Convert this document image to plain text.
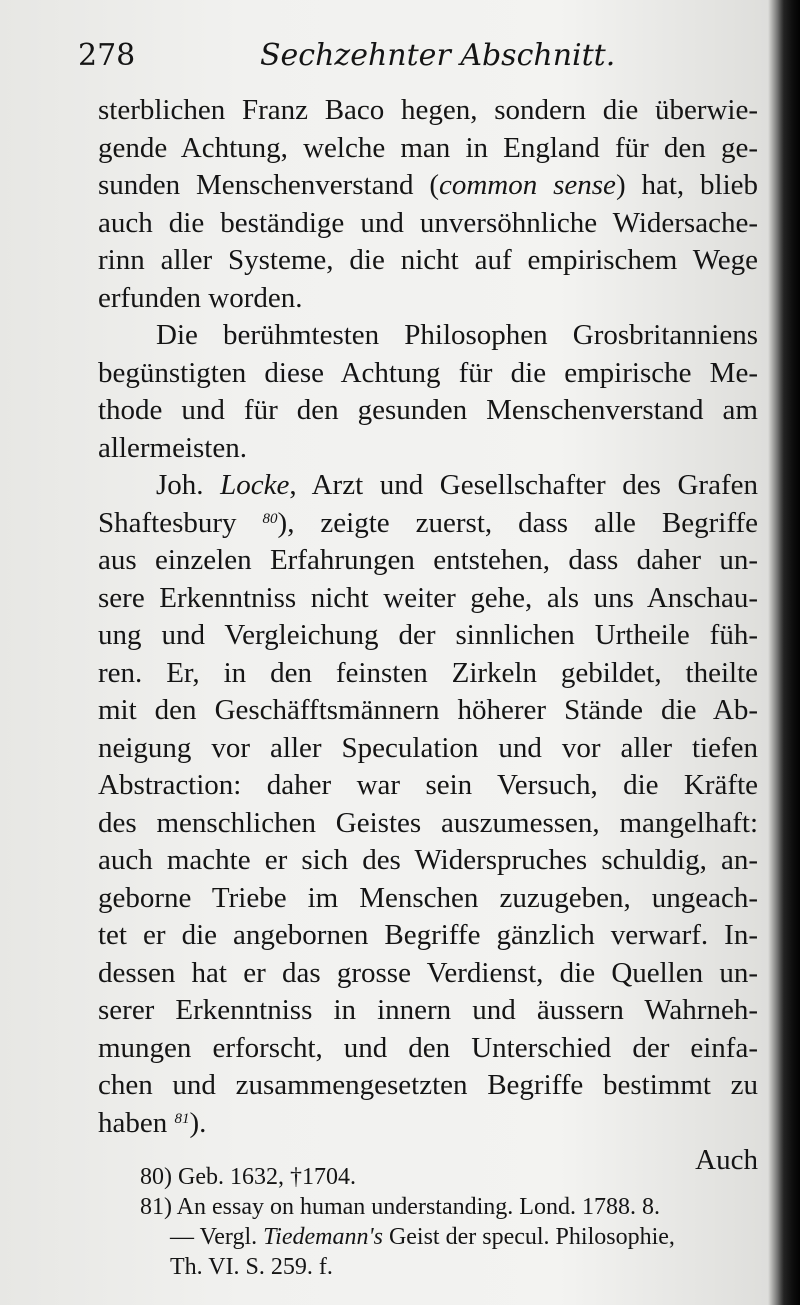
278	Sechzehnter Abschnitt.
sterblichen Franz Baco hegen, sondern die überwie-
gende Achtung, welche man in England für den ge-
sunden Menschenverstand (common sense) hat, blieb
auch die beständige und unversöhnliche Widersache-
rinn aller Systeme, die nicht auf empirischem Wege
erfunden worden.
Die berühmtesten Philosophen Grosbritanniens
begünstigten diese Achtung für die empirische Me-
thode und für den gesunden Menschenverstand am
allermeisten.
Joh. Locke, Arzt und Gesellschafter des Grafen
Shaftesbury $^{80}$), zeigte zuerst, dass alle Begriffe
aus einzelen Erfahrungen entstehen, dass daher un-
sere Erkenntniss nicht weiter gehe, als uns Anschau-
ung und Vergleichung der sinnlichen Urtheile füh-
ren. Er, in den feinsten Zirkeln gebildet, theilte
mit den Geschäfftsmännern höherer Stände die Ab-
neigung vor aller Speculation und vor aller tiefen
Abstraction: daher war sein Versuch, die Kräfte
des menschlichen Geistes auszumessen, mangelhaft:
auch machte er sich des Widerspruches schuldig, an-
geborne Triebe im Menschen zuzugeben, ungeach-
tet er die angebornen Begriffe gänzlich verwarf. In-
dessen hat er das grosse Verdienst, die Quellen un-
serer Erkenntniss in innern und äussern Wahrneh-
mungen erforscht, und den Unterschied der einfa-
chen und zusammengesetzten Begriffe bestimmt zu
haben $^{81}$).
Auch
80) Geb. 1632, †1704.
81) An essay on human understanding. Lond. 1788. 8.
— Vergl. Tiedemann's Geist der specul. Philosophie,
Th. VI. S. 259. f.
